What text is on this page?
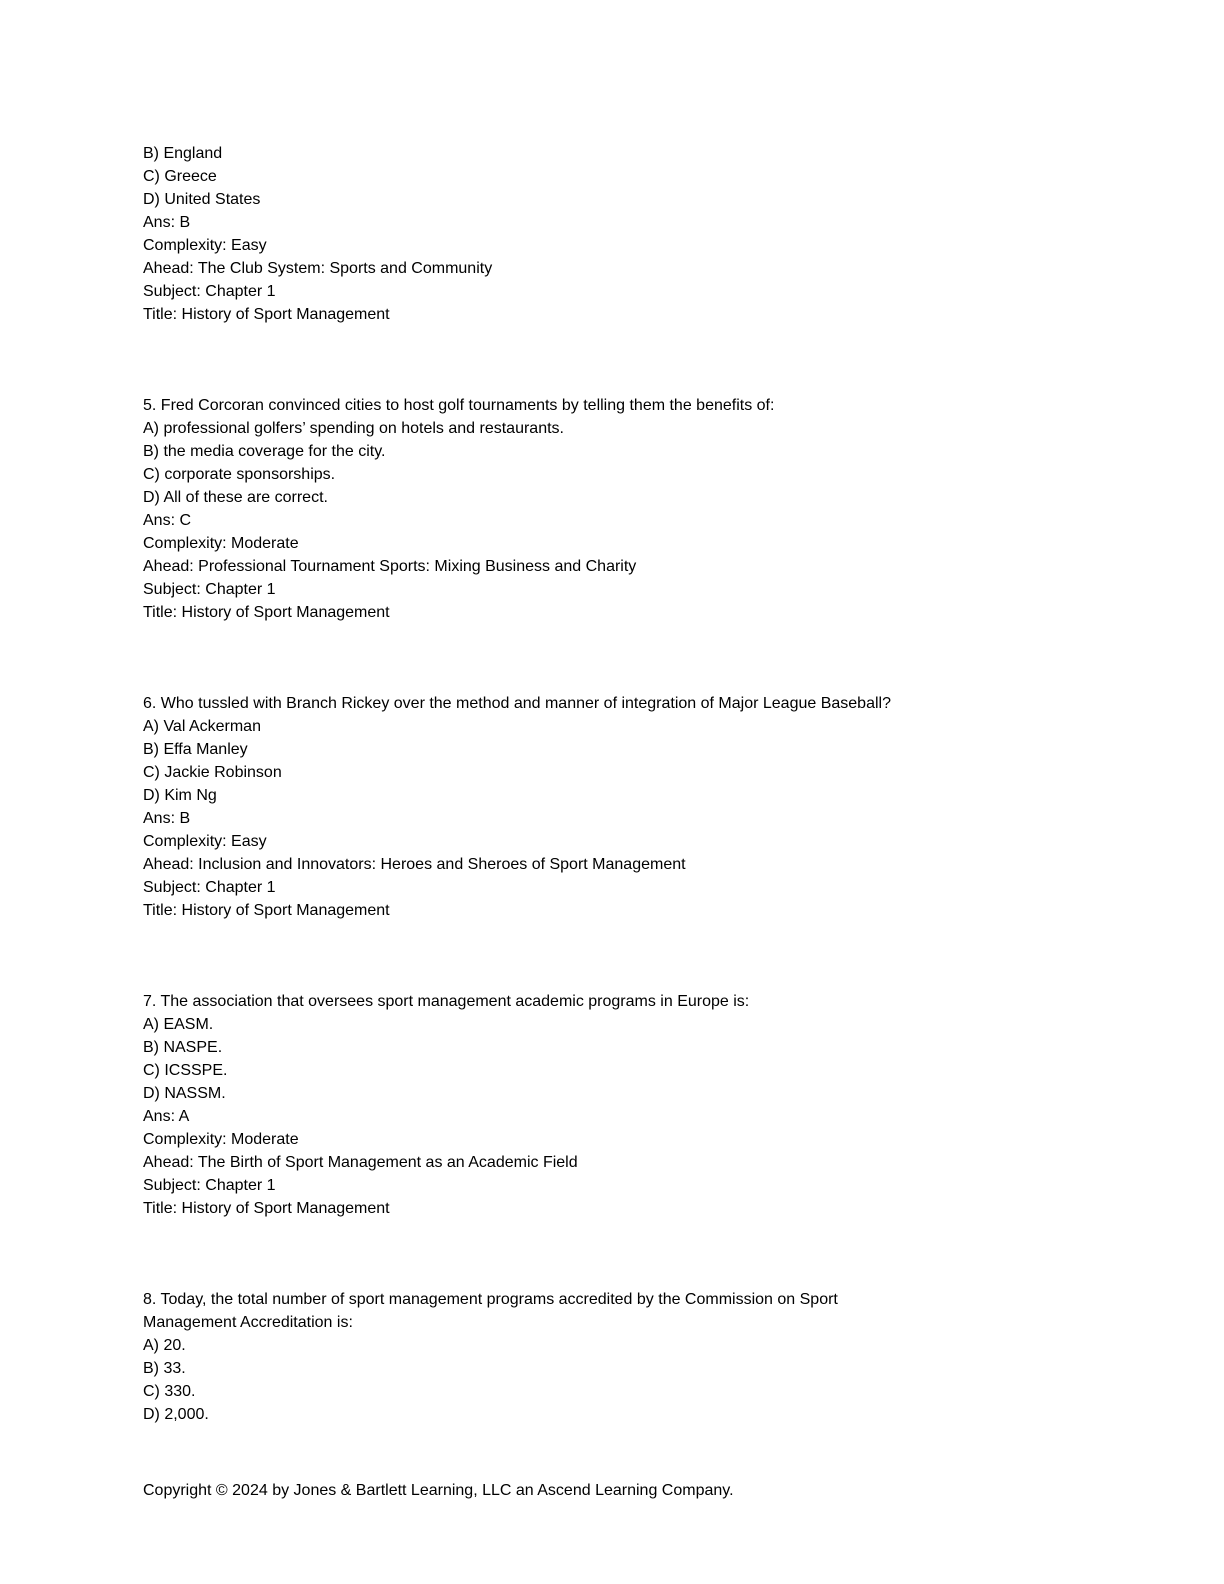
B) England
C) Greece
D) United States
Ans: B
Complexity: Easy
Ahead: The Club System: Sports and Community
Subject: Chapter 1
Title: History of Sport Management
5. Fred Corcoran convinced cities to host golf tournaments by telling them the benefits of:
A) professional golfers’ spending on hotels and restaurants.
B) the media coverage for the city.
C) corporate sponsorships.
D) All of these are correct.
Ans: C
Complexity: Moderate
Ahead: Professional Tournament Sports: Mixing Business and Charity
Subject: Chapter 1
Title: History of Sport Management
6. Who tussled with Branch Rickey over the method and manner of integration of Major League Baseball?
A) Val Ackerman
B) Effa Manley
C) Jackie Robinson
D) Kim Ng
Ans: B
Complexity: Easy
Ahead: Inclusion and Innovators: Heroes and Sheroes of Sport Management
Subject: Chapter 1
Title: History of Sport Management
7. The association that oversees sport management academic programs in Europe is:
A) EASM.
B) NASPE.
C) ICSSPE.
D) NASSM.
Ans: A
Complexity: Moderate
Ahead: The Birth of Sport Management as an Academic Field
Subject: Chapter 1
Title: History of Sport Management
8. Today, the total number of sport management programs accredited by the Commission on Sport
Management Accreditation is:
A) 20.
B) 33.
C) 330.
D) 2,000.
Copyright © 2024 by Jones & Bartlett Learning, LLC an Ascend Learning Company.
